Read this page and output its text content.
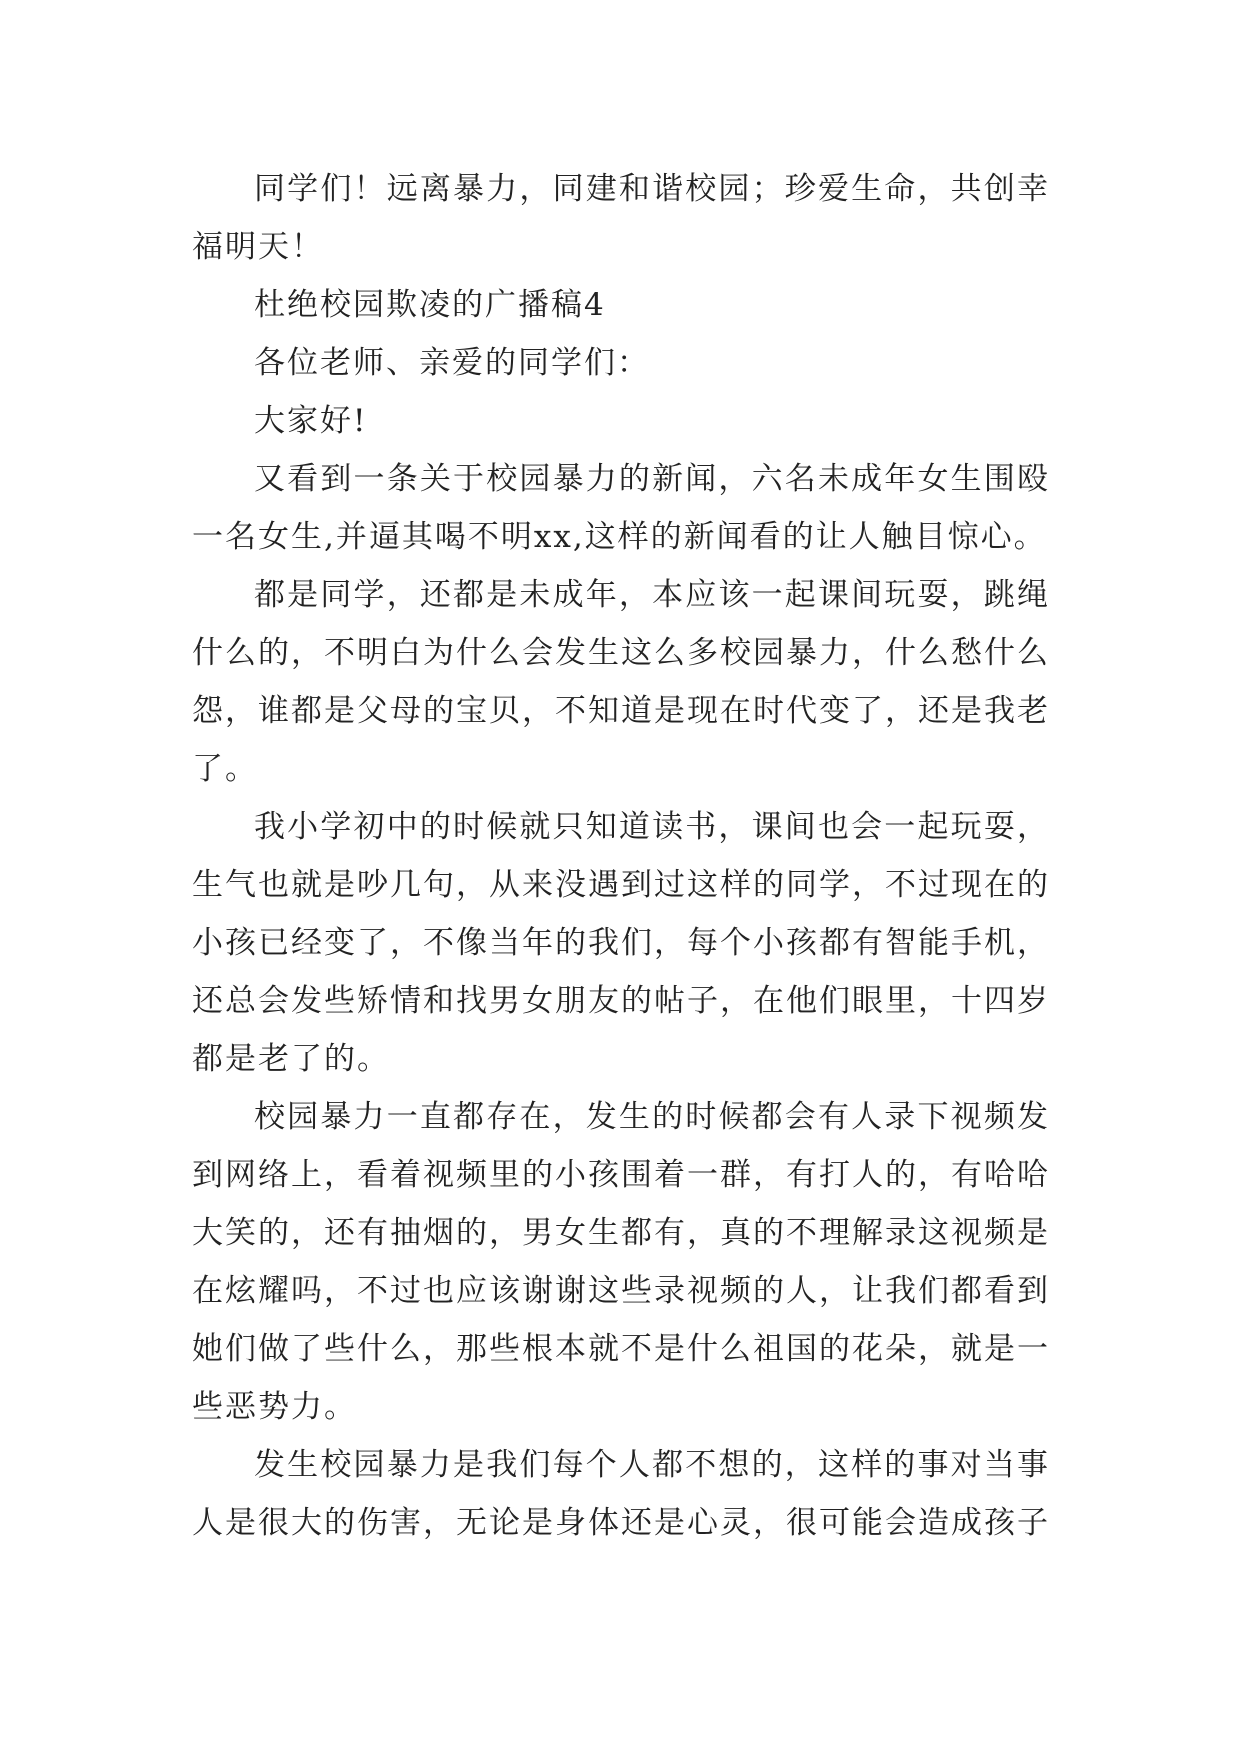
同学们！远离暴力，同建和谐校园；珍爱生命，共创幸福明天！

杜绝校园欺凌的广播稿4

各位老师、亲爱的同学们：

大家好!

又看到一条关于校园暴力的新闻，六名未成年女生围殴一名女生,并逼其喝不明xx,这样的新闻看的让人触目惊心。

都是同学，还都是未成年，本应该一起课间玩耍，跳绳什么的，不明白为什么会发生这么多校园暴力，什么愁什么怨，谁都是父母的宝贝，不知道是现在时代变了，还是我老了。

我小学初中的时候就只知道读书，课间也会一起玩耍，生气也就是吵几句，从来没遇到过这样的同学，不过现在的小孩已经变了，不像当年的我们，每个小孩都有智能手机，还总会发些矫情和找男女朋友的帖子，在他们眼里，十四岁都是老了的。

校园暴力一直都存在，发生的时候都会有人录下视频发到网络上，看着视频里的小孩围着一群，有打人的，有哈哈大笑的，还有抽烟的，男女生都有，真的不理解录这视频是在炫耀吗，不过也应该谢谢这些录视频的人，让我们都看到她们做了些什么，那些根本就不是什么祖国的花朵，就是一些恶势力。

发生校园暴力是我们每个人都不想的，这样的事对当事人是很大的伤害，无论是身体还是心灵，很可能会造成孩子
